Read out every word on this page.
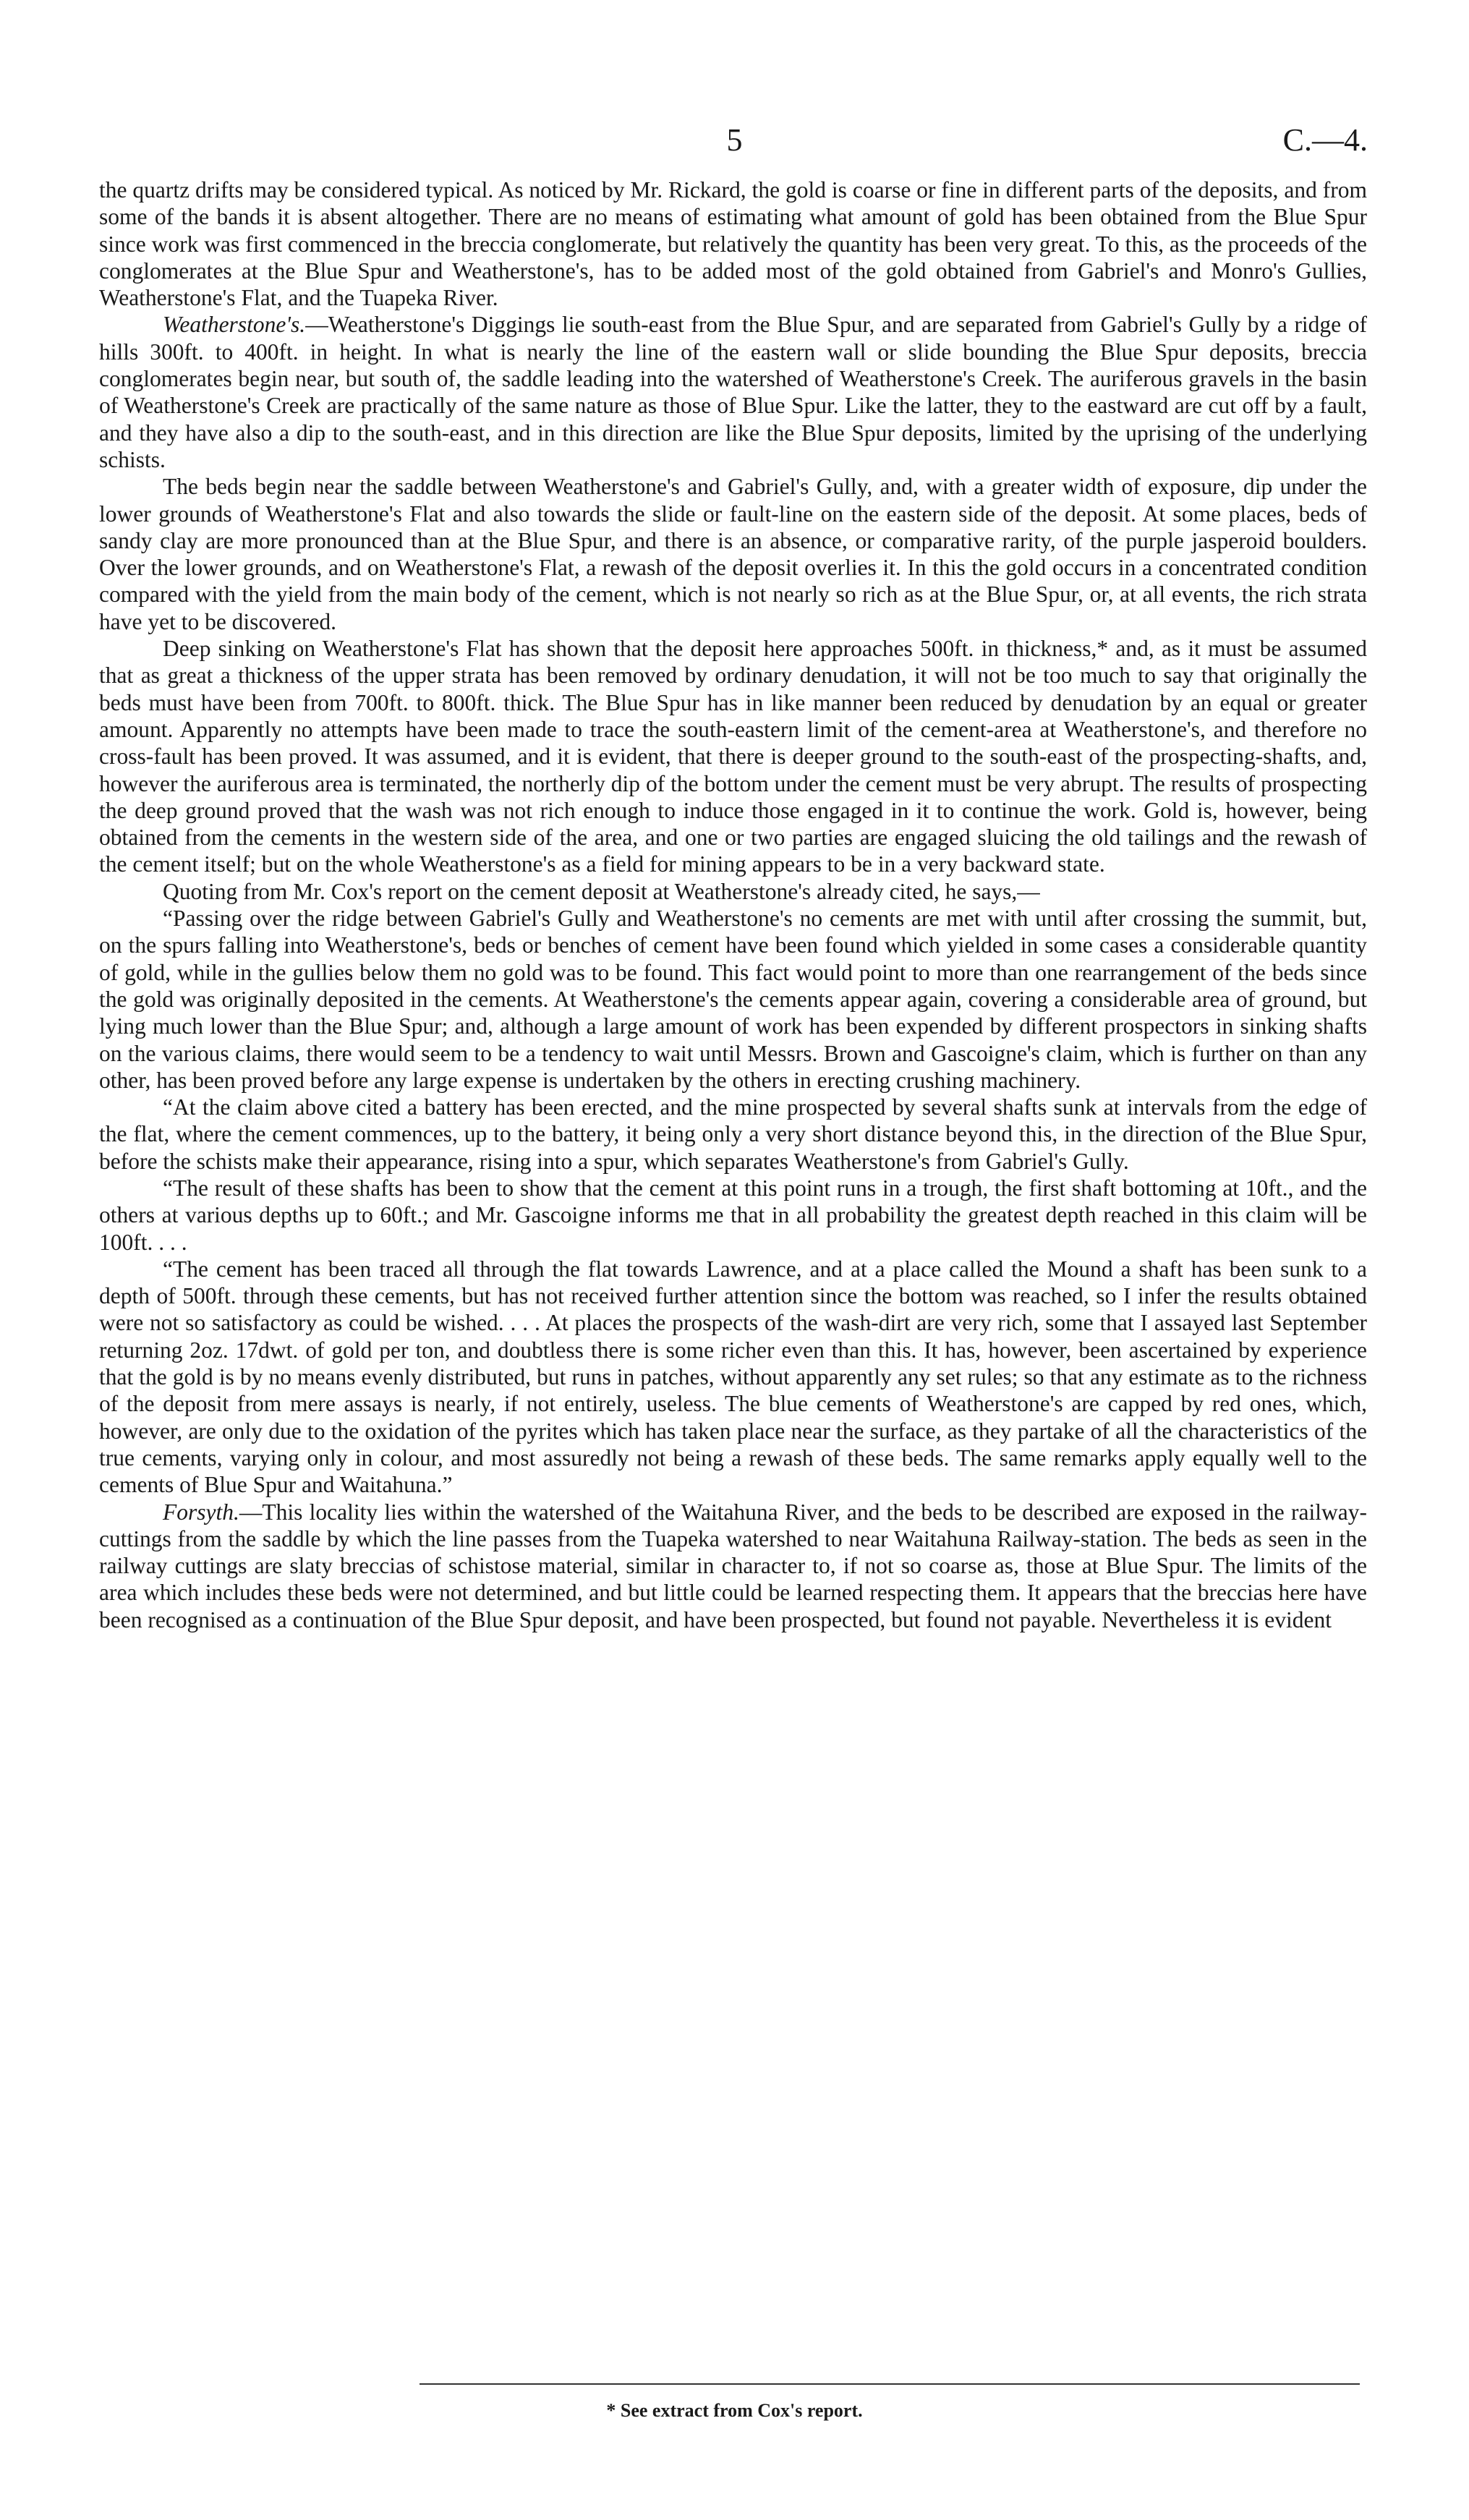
5	C.—4.

the quartz drifts may be considered typical. As noticed by Mr. Rickard, the gold is coarse or fine in different parts of the deposits, and from some of the bands it is absent altogether. There are no means of estimating what amount of gold has been obtained from the Blue Spur since work was first commenced in the breccia conglomerate, but relatively the quantity has been very great. To this, as the proceeds of the conglomerates at the Blue Spur and Weatherstone's, has to be added most of the gold obtained from Gabriel's and Monro's Gullies, Weatherstone's Flat, and the Tuapeka River.

Weatherstone's.—Weatherstone's Diggings lie south-east from the Blue Spur, and are separated from Gabriel's Gully by a ridge of hills 300ft. to 400ft. in height. In what is nearly the line of the eastern wall or slide bounding the Blue Spur deposits, breccia conglomerates begin near, but south of, the saddle leading into the watershed of Weatherstone's Creek. The auriferous gravels in the basin of Weatherstone's Creek are practically of the same nature as those of Blue Spur. Like the latter, they to the eastward are cut off by a fault, and they have also a dip to the south-east, and in this direction are like the Blue Spur deposits, limited by the uprising of the underlying schists.

The beds begin near the saddle between Weatherstone's and Gabriel's Gully, and, with a greater width of exposure, dip under the lower grounds of Weatherstone's Flat and also towards the slide or fault-line on the eastern side of the deposit. At some places, beds of sandy clay are more pronounced than at the Blue Spur, and there is an absence, or comparative rarity, of the purple jasperoid boulders. Over the lower grounds, and on Weatherstone's Flat, a rewash of the deposit overlies it. In this the gold occurs in a concentrated condition compared with the yield from the main body of the cement, which is not nearly so rich as at the Blue Spur, or, at all events, the rich strata have yet to be discovered.

Deep sinking on Weatherstone's Flat has shown that the deposit here approaches 500ft. in thickness,* and, as it must be assumed that as great a thickness of the upper strata has been removed by ordinary denudation, it will not be too much to say that originally the beds must have been from 700ft. to 800ft. thick. The Blue Spur has in like manner been reduced by denudation by an equal or greater amount. Apparently no attempts have been made to trace the south-eastern limit of the cement-area at Weatherstone's, and therefore no cross-fault has been proved. It was assumed, and it is evident, that there is deeper ground to the south-east of the prospecting-shafts, and, however the auriferous area is terminated, the northerly dip of the bottom under the cement must be very abrupt. The results of prospecting the deep ground proved that the wash was not rich enough to induce those engaged in it to continue the work. Gold is, however, being obtained from the cements in the western side of the area, and one or two parties are engaged sluicing the old tailings and the rewash of the cement itself; but on the whole Weatherstone's as a field for mining appears to be in a very backward state.

Quoting from Mr. Cox's report on the cement deposit at Weatherstone's already cited, he says,—

“Passing over the ridge between Gabriel's Gully and Weatherstone's no cements are met with until after crossing the summit, but, on the spurs falling into Weatherstone's, beds or benches of cement have been found which yielded in some cases a considerable quantity of gold, while in the gullies below them no gold was to be found. This fact would point to more than one rearrangement of the beds since the gold was originally deposited in the cements. At Weatherstone's the cements appear again, covering a considerable area of ground, but lying much lower than the Blue Spur; and, although a large amount of work has been expended by different prospectors in sinking shafts on the various claims, there would seem to be a tendency to wait until Messrs. Brown and Gascoigne's claim, which is further on than any other, has been proved before any large expense is undertaken by the others in erecting crushing machinery.

“At the claim above cited a battery has been erected, and the mine prospected by several shafts sunk at intervals from the edge of the flat, where the cement commences, up to the battery, it being only a very short distance beyond this, in the direction of the Blue Spur, before the schists make their appearance, rising into a spur, which separates Weatherstone's from Gabriel's Gully.

“The result of these shafts has been to show that the cement at this point runs in a trough, the first shaft bottoming at 10ft., and the others at various depths up to 60ft.; and Mr. Gascoigne informs me that in all probability the greatest depth reached in this claim will be 100ft. . . .

“The cement has been traced all through the flat towards Lawrence, and at a place called the Mound a shaft has been sunk to a depth of 500ft. through these cements, but has not received further attention since the bottom was reached, so I infer the results obtained were not so satisfactory as could be wished. . . . At places the prospects of the wash-dirt are very rich, some that I assayed last September returning 2oz. 17dwt. of gold per ton, and doubtless there is some richer even than this. It has, however, been ascertained by experience that the gold is by no means evenly distributed, but runs in patches, without apparently any set rules; so that any estimate as to the richness of the deposit from mere assays is nearly, if not entirely, useless. The blue cements of Weatherstone's are capped by red ones, which, however, are only due to the oxidation of the pyrites which has taken place near the surface, as they partake of all the characteristics of the true cements, varying only in colour, and most assuredly not being a rewash of these beds. The same remarks apply equally well to the cements of Blue Spur and Waitahuna.”

Forsyth.—This locality lies within the watershed of the Waitahuna River, and the beds to be described are exposed in the railway-cuttings from the saddle by which the line passes from the Tuapeka watershed to near Waitahuna Railway-station. The beds as seen in the railway cuttings are slaty breccias of schistose material, similar in character to, if not so coarse as, those at Blue Spur. The limits of the area which includes these beds were not determined, and but little could be learned respecting them. It appears that the breccias here have been recognised as a continuation of the Blue Spur deposit, and have been prospected, but found not payable. Nevertheless it is evident

* See extract from Cox's report.
